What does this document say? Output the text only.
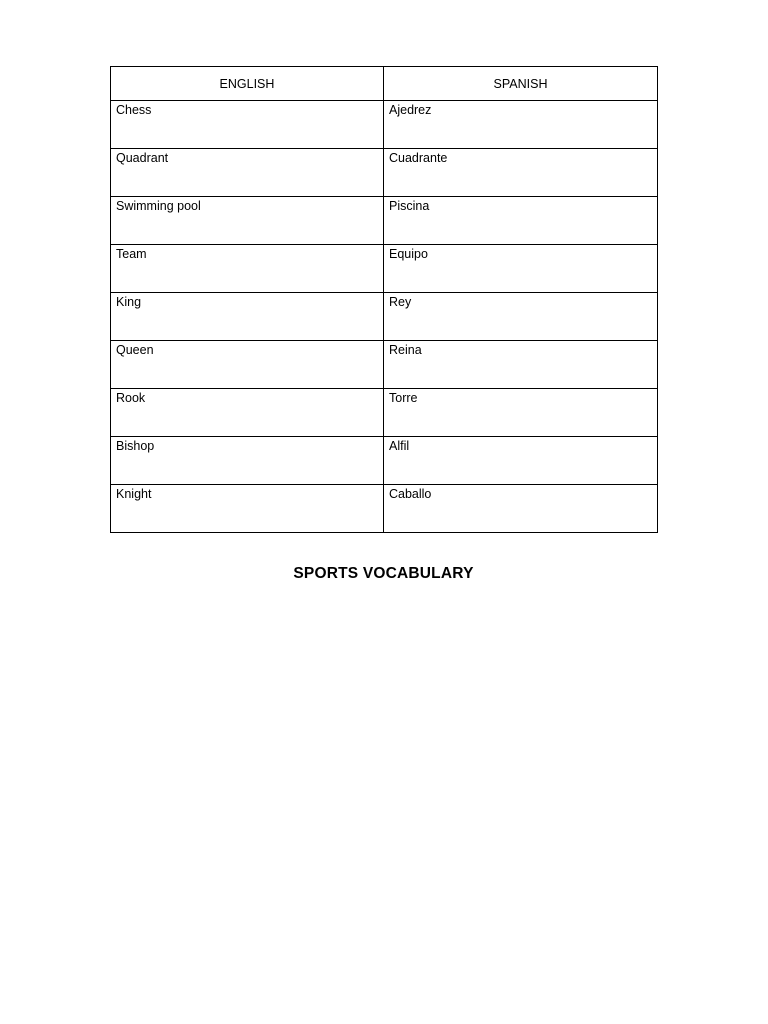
ENGLISH	SPANISH
Chess	Ajedrez
Quadrant	Cuadrante
Swimming pool	Piscina
Team	Equipo
King	Rey
Queen	Reina
Rook	Torre
Bishop	Alfil
Knight	Caballo
SPORTS VOCABULARY
